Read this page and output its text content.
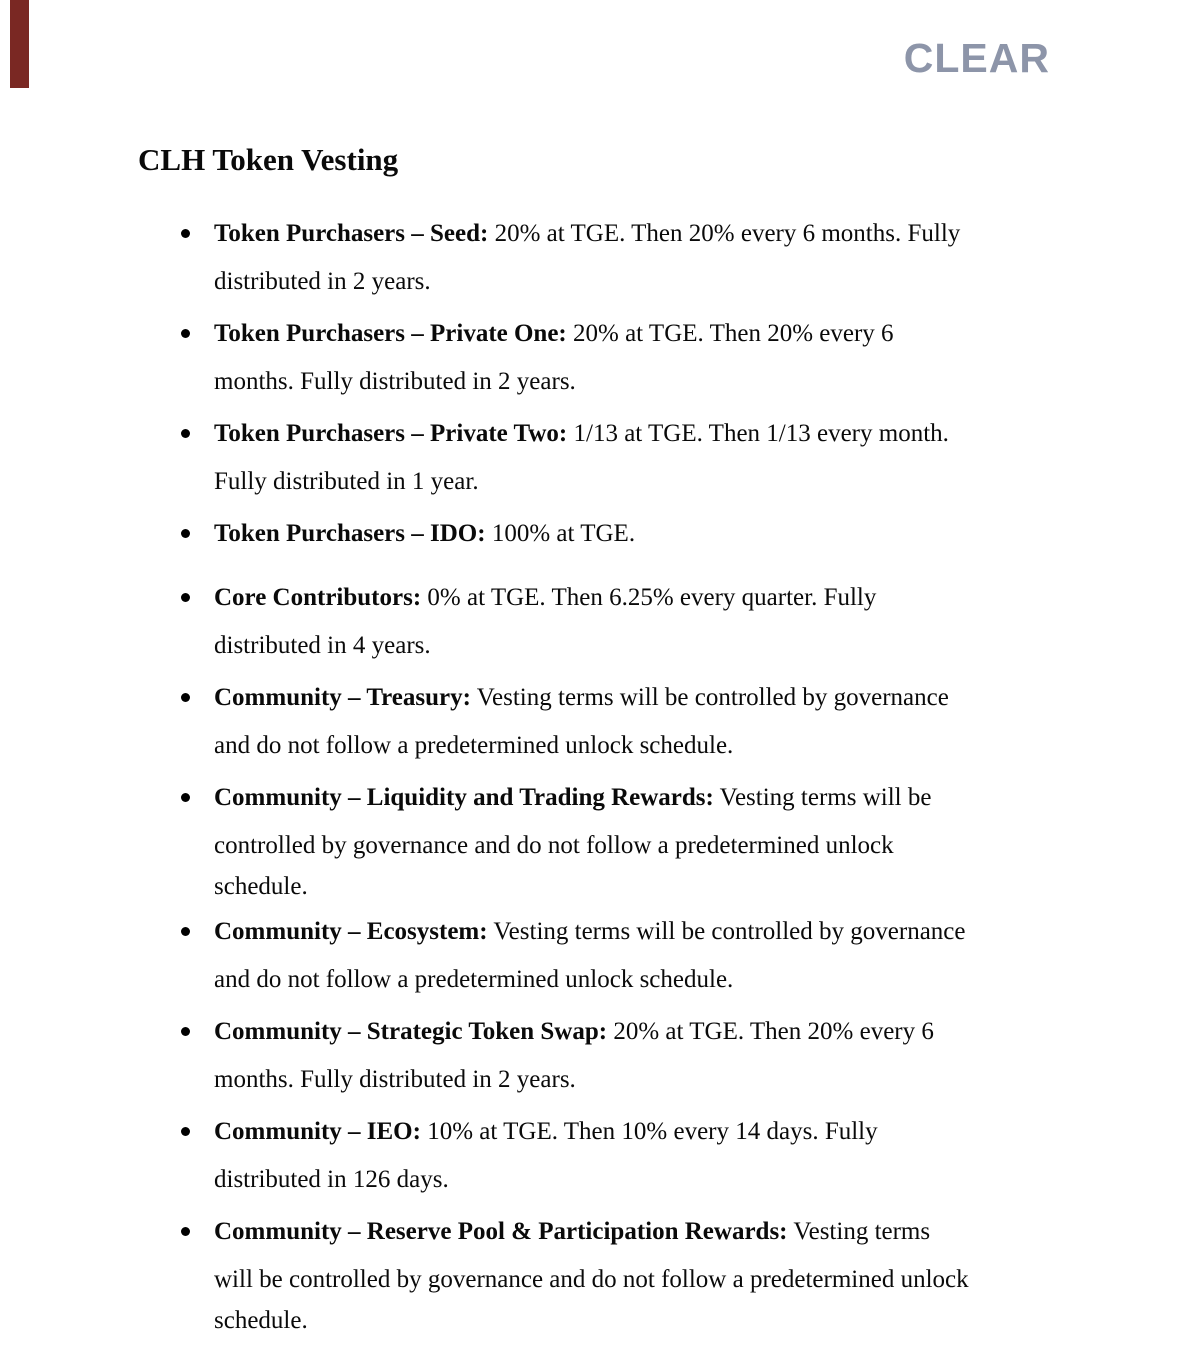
CLEAR
CLH Token Vesting
Token Purchasers – Seed: 20% at TGE. Then 20% every 6 months. Fully
distributed in 2 years.
Token Purchasers – Private One: 20% at TGE. Then 20% every 6
months. Fully distributed in 2 years.
Token Purchasers – Private Two: 1/13 at TGE. Then 1/13 every month.
Fully distributed in 1 year.
Token Purchasers – IDO: 100% at TGE.
Core Contributors: 0% at TGE. Then 6.25% every quarter. Fully
distributed in 4 years.
Community – Treasury: Vesting terms will be controlled by governance
and do not follow a predetermined unlock schedule.
Community – Liquidity and Trading Rewards: Vesting terms will be
controlled by governance and do not follow a predetermined unlock
schedule.
Community – Ecosystem: Vesting terms will be controlled by governance
and do not follow a predetermined unlock schedule.
Community – Strategic Token Swap: 20% at TGE. Then 20% every 6
months. Fully distributed in 2 years.
Community – IEO: 10% at TGE. Then 10% every 14 days. Fully
distributed in 126 days.
Community – Reserve Pool & Participation Rewards: Vesting terms
will be controlled by governance and do not follow a predetermined unlock
schedule.
